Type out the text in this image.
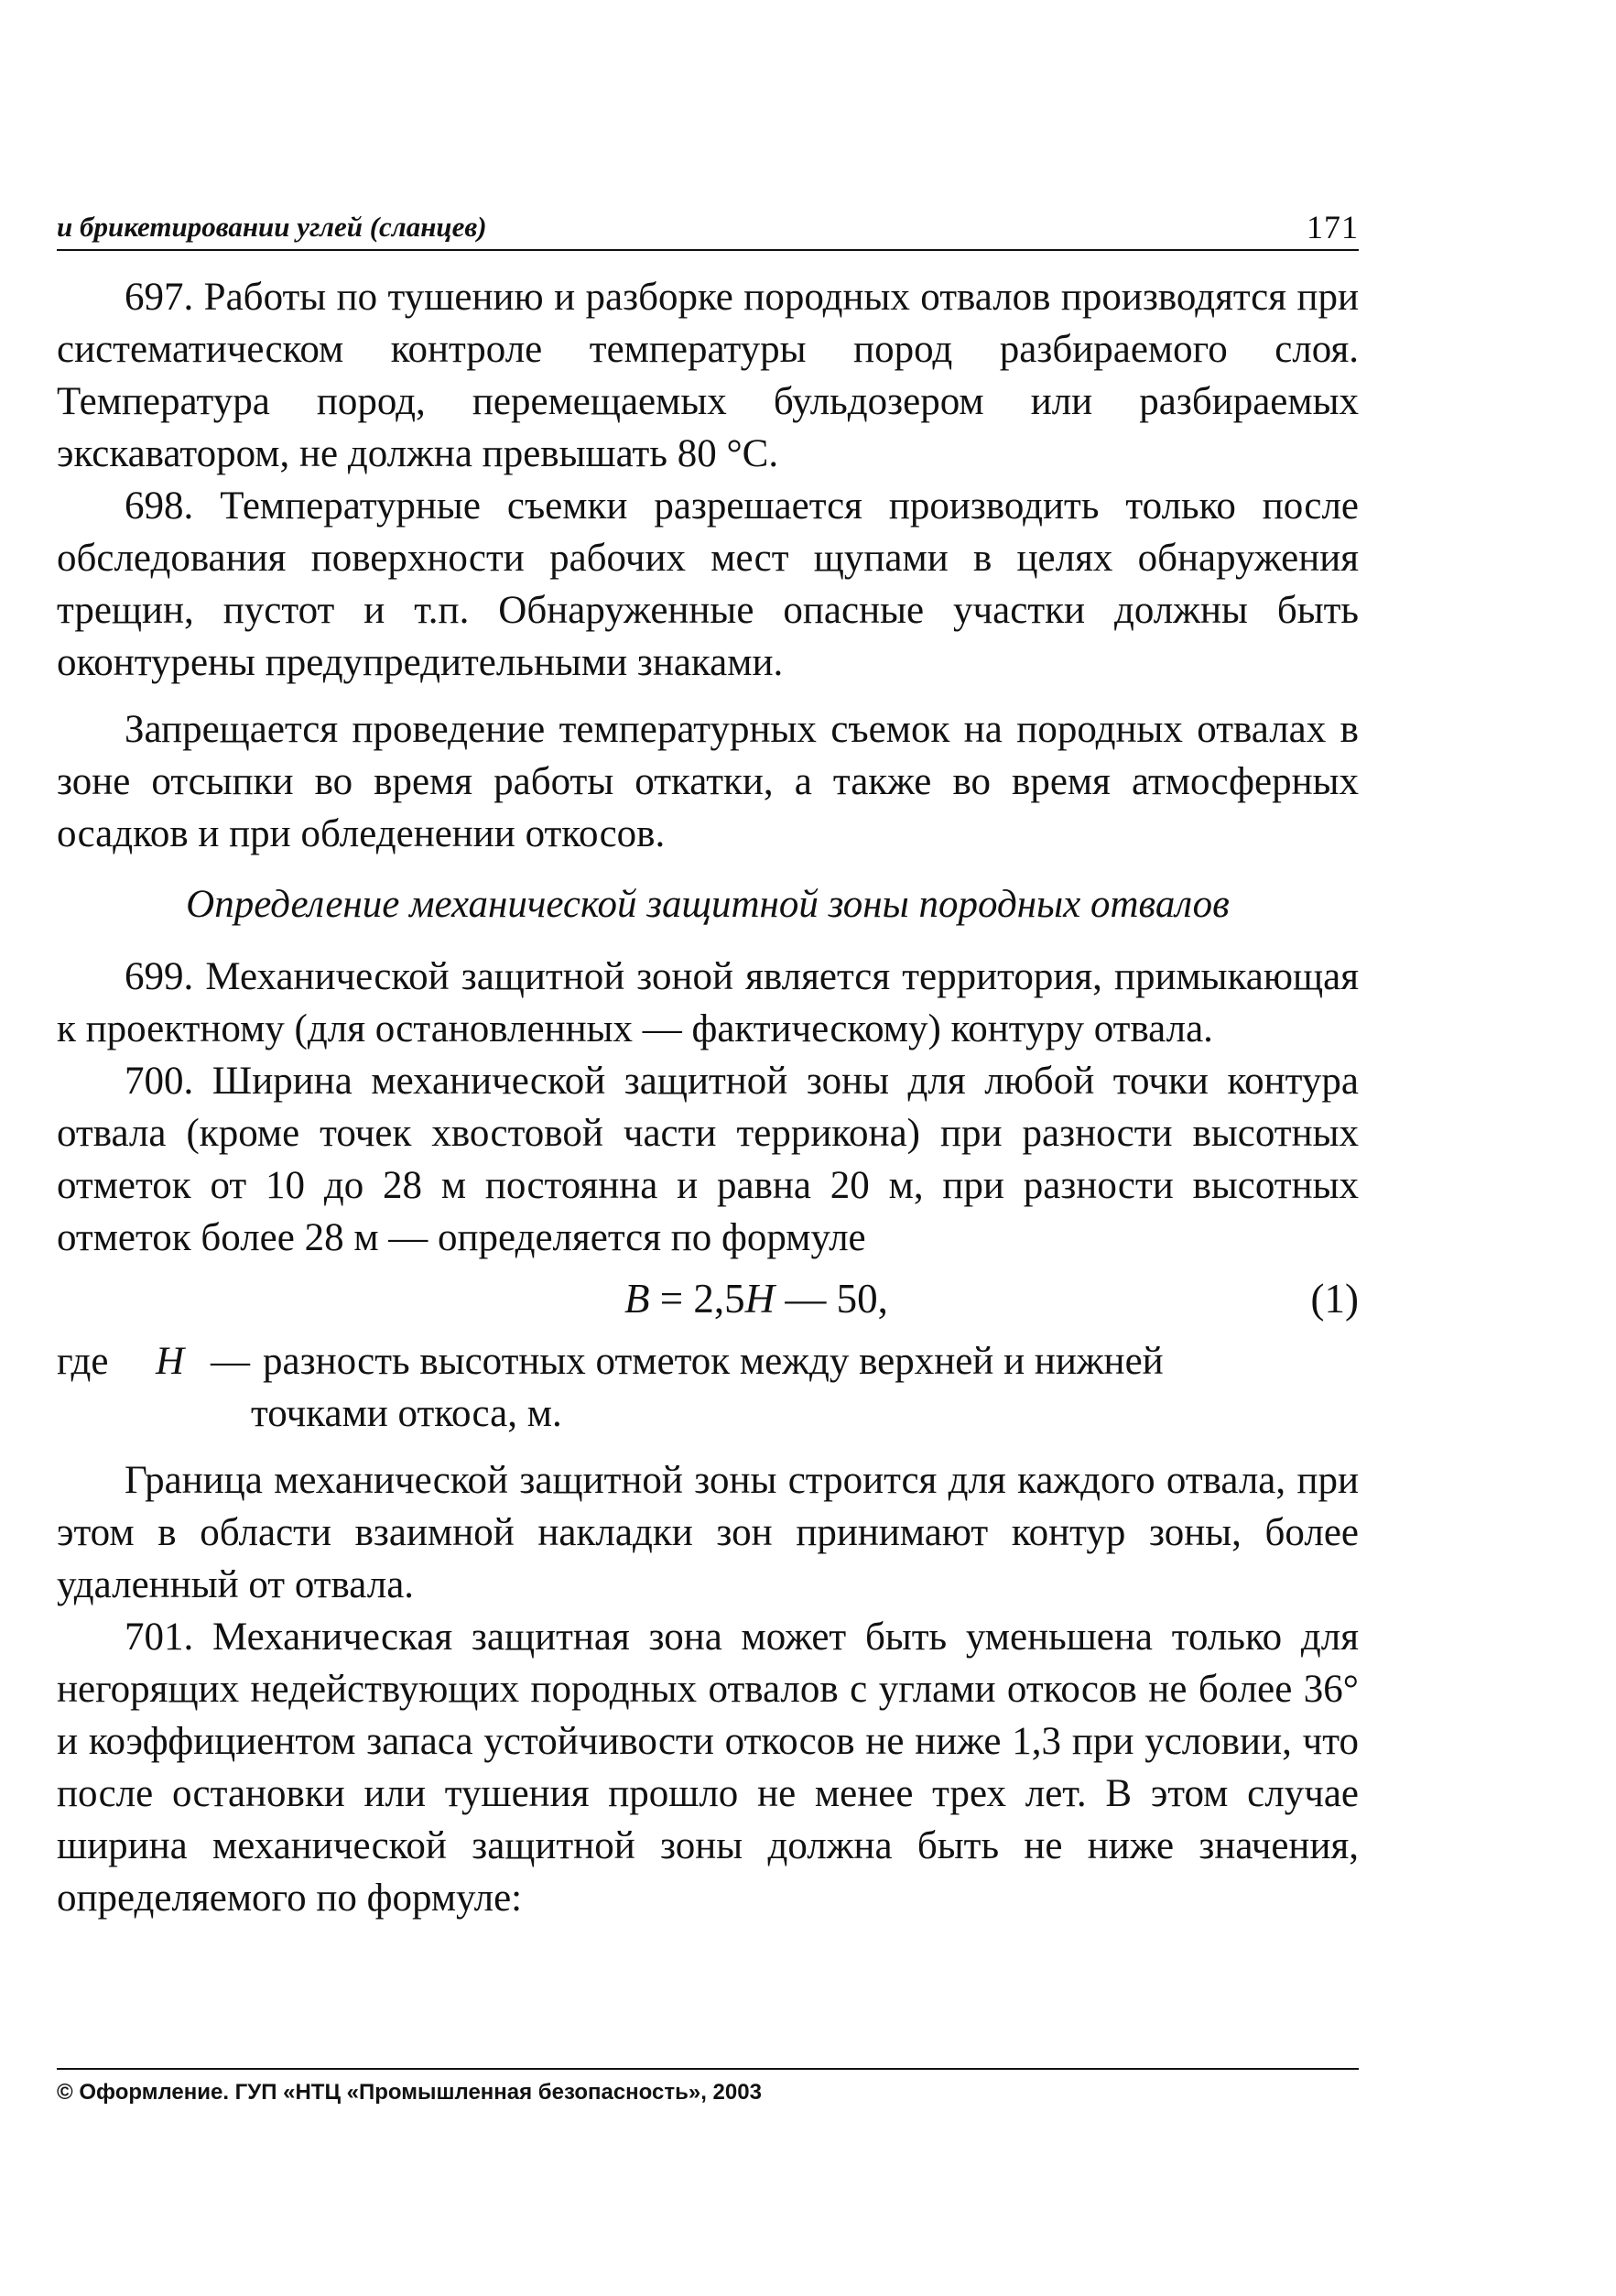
и брикетировании углей (сланцев)	171

697. Работы по тушению и разборке породных отвалов производятся при систематическом контроле температуры пород разбираемого слоя. Температура пород, перемещаемых бульдозером или разбираемых экскаватором, не должна превышать 80 °С.

698. Температурные съемки разрешается производить только после обследования поверхности рабочих мест щупами в целях обнаружения трещин, пустот и т.п. Обнаруженные опасные участки должны быть оконтурены предупредительными знаками.

Запрещается проведение температурных съемок на породных отвалах в зоне отсыпки во время работы откатки, а также во время атмосферных осадков и при обледенении откосов.

Определение механической защитной зоны породных отвалов

699. Механической защитной зоной является территория, примыкающая к проектному (для остановленных — фактическому) контуру отвала.

700. Ширина механической защитной зоны для любой точки контура отвала (кроме точек хвостовой части терриконa) при разности высотных отметок от 10 до 28 м постоянна и равна 20 м, при разности высотных отметок более 28 м — определяется по формуле

B = 2,5H — 50,	(1)
где	H — разность высотных отметок между верхней и нижней
точками откоса, м.

Граница механической защитной зоны строится для каждого отвала, при этом в области взаимной накладки зон принимают контур зоны, более удаленный от отвала.

701. Механическая защитная зона может быть уменьшена только для негорящих недействующих породных отвалов с углами откосов не более 36° и коэффициентом запаса устойчивости откосов не ниже 1,3 при условии, что после остановки или тушения прошло не менее трех лет. В этом случае ширина механической защитной зоны должна быть не ниже значения, определяемого по формуле:

© Оформление. ГУП «НТЦ «Промышленная безопасность», 2003
